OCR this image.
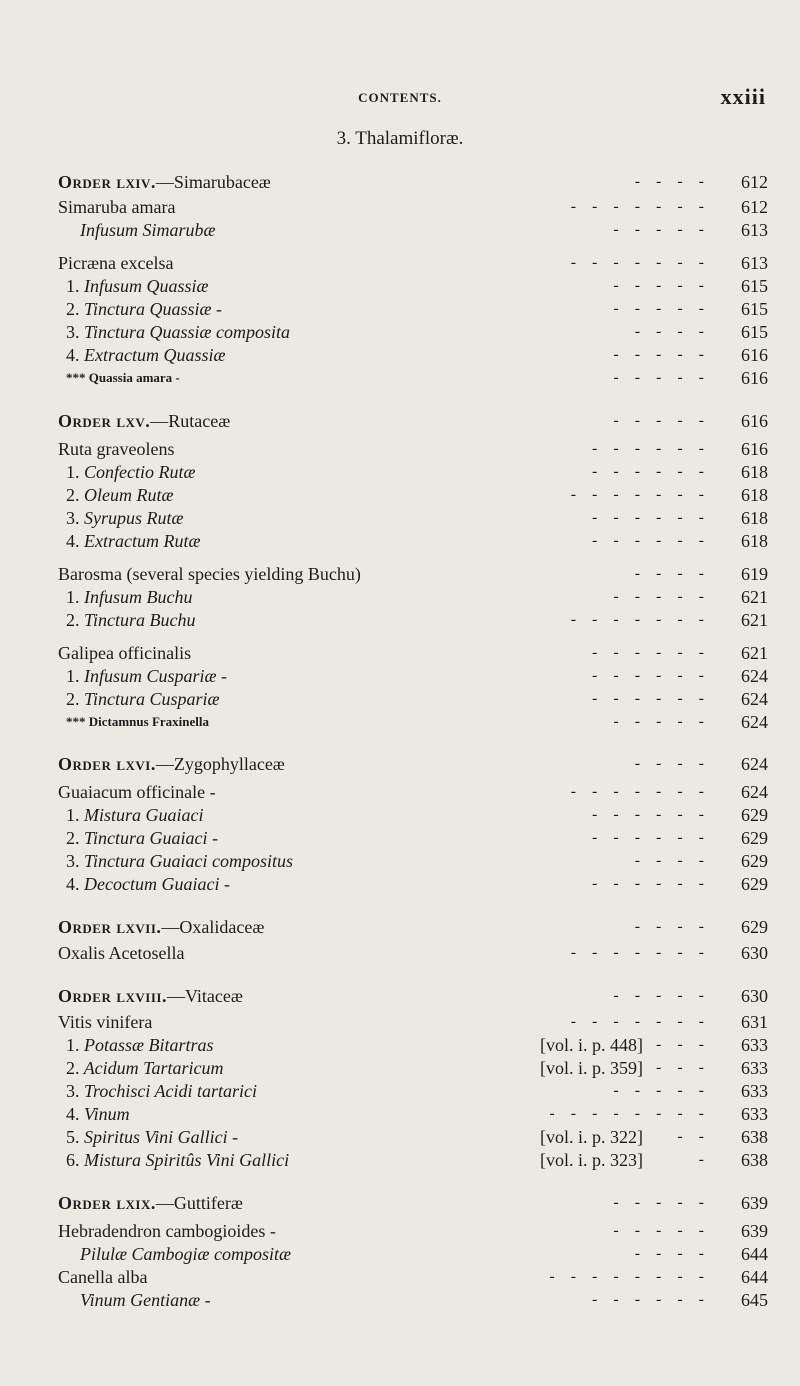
CONTENTS.	xxiii
3. Thalamifloræ.
Order lxiv.—Simarubaceæ	-    -    -    -	612
Simaruba amara	-    -    -    -    -    -    -	612
Infusum Simarubæ	-    -    -    -    -	613
Picræna excelsa	-    -    -    -    -    -    -	613
1. Infusum Quassiæ	-    -    -    -    -	615
2. Tinctura Quassiæ -	-    -    -    -    -	615
3. Tinctura Quassiæ composita	-    -    -    -	615
4. Extractum Quassiæ	-    -    -    -    -	616
*** Quassia amara -	-    -    -    -    -	616
Order lxv.—Rutaceæ	-    -    -    -    -	616
Ruta graveolens	-    -    -    -    -    -	616
1. Confectio Rutæ	-    -    -    -    -    -	618
2. Oleum Rutæ	-    -    -    -    -    -    -	618
3. Syrupus Rutæ	-    -    -    -    -    -	618
4. Extractum Rutæ	-    -    -    -    -    -	618
Barosma (several species yielding Buchu)	-    -    -    -	619
1. Infusum Buchu	-    -    -    -    -	621
2. Tinctura Buchu	-    -    -    -    -    -    -	621
Galipea officinalis	-    -    -    -    -    -	621
1. Infusum Cuspariæ -	-    -    -    -    -    -	624
2. Tinctura Cuspariæ	-    -    -    -    -    -	624
*** Dictamnus Fraxinella	-    -    -    -    -	624
Order lxvi.—Zygophyllaceæ	-    -    -    -	624
Guaiacum officinale -	-    -    -    -    -    -    -	624
1. Mistura Guaiaci	-    -    -    -    -    -	629
2. Tinctura Guaiaci -	-    -    -    -    -    -	629
3. Tinctura Guaiaci compositus	-    -    -    -	629
4. Decoctum Guaiaci -	-    -    -    -    -    -	629
Order lxvii.—Oxalidaceæ	-    -    -    -	629
Oxalis Acetosella	-    -    -    -    -    -    -	630
Order lxviii.—Vitaceæ	-    -    -    -    -	630
Vitis vinifera	-    -    -    -    -    -    -	631
1. Potassæ Bitartras	[vol. i. p. 448] -    -    -	633
2. Acidum Tartaricum	[vol. i. p. 359] -    -    -	633
3. Trochisci Acidi tartarici	-    -    -    -    -	633
4. Vinum	-    -    -    -    -    -    -    -	633
5. Spiritus Vini Gallici -	[vol. i. p. 322] -    -	638
6. Mistura Spiritûs Vini Gallici	[vol. i. p. 323]	-	638
Order lxix.—Guttiferæ	-    -    -    -    -	639
Hebradendron cambogioides -	-    -    -    -    -	639
Pilulæ Cambogiæ compositæ	-    -    -    -	644
Canella alba	-    -    -    -    -    -    -    -	644
Vinum Gentianæ -	-    -    -    -    -    -	645
